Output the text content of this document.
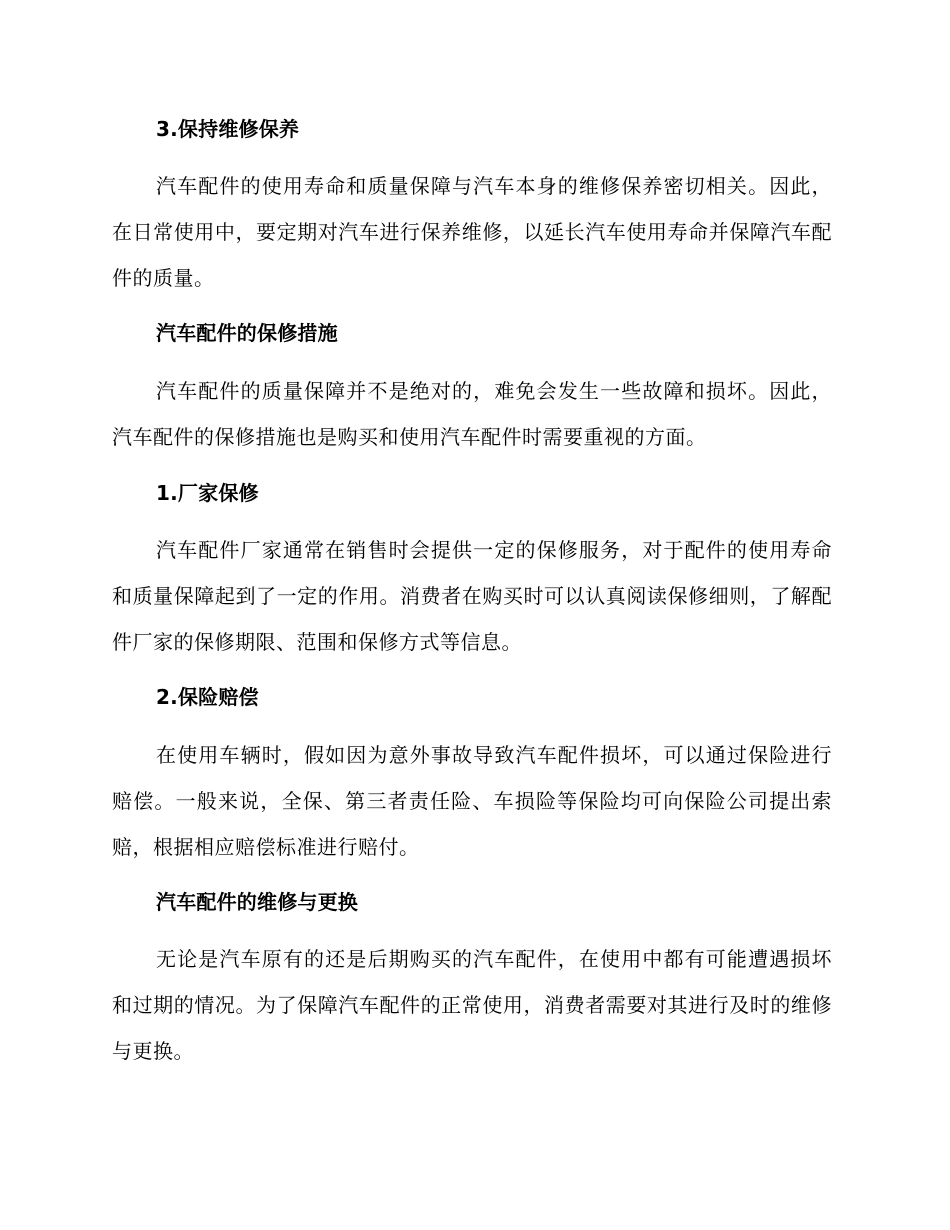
3.保持维修保养

汽车配件的使用寿命和质量保障与汽车本身的维修保养密切相关。因此，在日常使用中，要定期对汽车进行保养维修，以延长汽车使用寿命并保障汽车配件的质量。

汽车配件的保修措施

汽车配件的质量保障并不是绝对的，难免会发生一些故障和损坏。因此，汽车配件的保修措施也是购买和使用汽车配件时需要重视的方面。

1.厂家保修

汽车配件厂家通常在销售时会提供一定的保修服务，对于配件的使用寿命和质量保障起到了一定的作用。消费者在购买时可以认真阅读保修细则，了解配件厂家的保修期限、范围和保修方式等信息。

2.保险赔偿

在使用车辆时，假如因为意外事故导致汽车配件损坏，可以通过保险进行赔偿。一般来说，全保、第三者责任险、车损险等保险均可向保险公司提出索赔，根据相应赔偿标准进行赔付。

汽车配件的维修与更换

无论是汽车原有的还是后期购买的汽车配件，在使用中都有可能遭遇损坏和过期的情况。为了保障汽车配件的正常使用，消费者需要对其进行及时的维修与更换。
